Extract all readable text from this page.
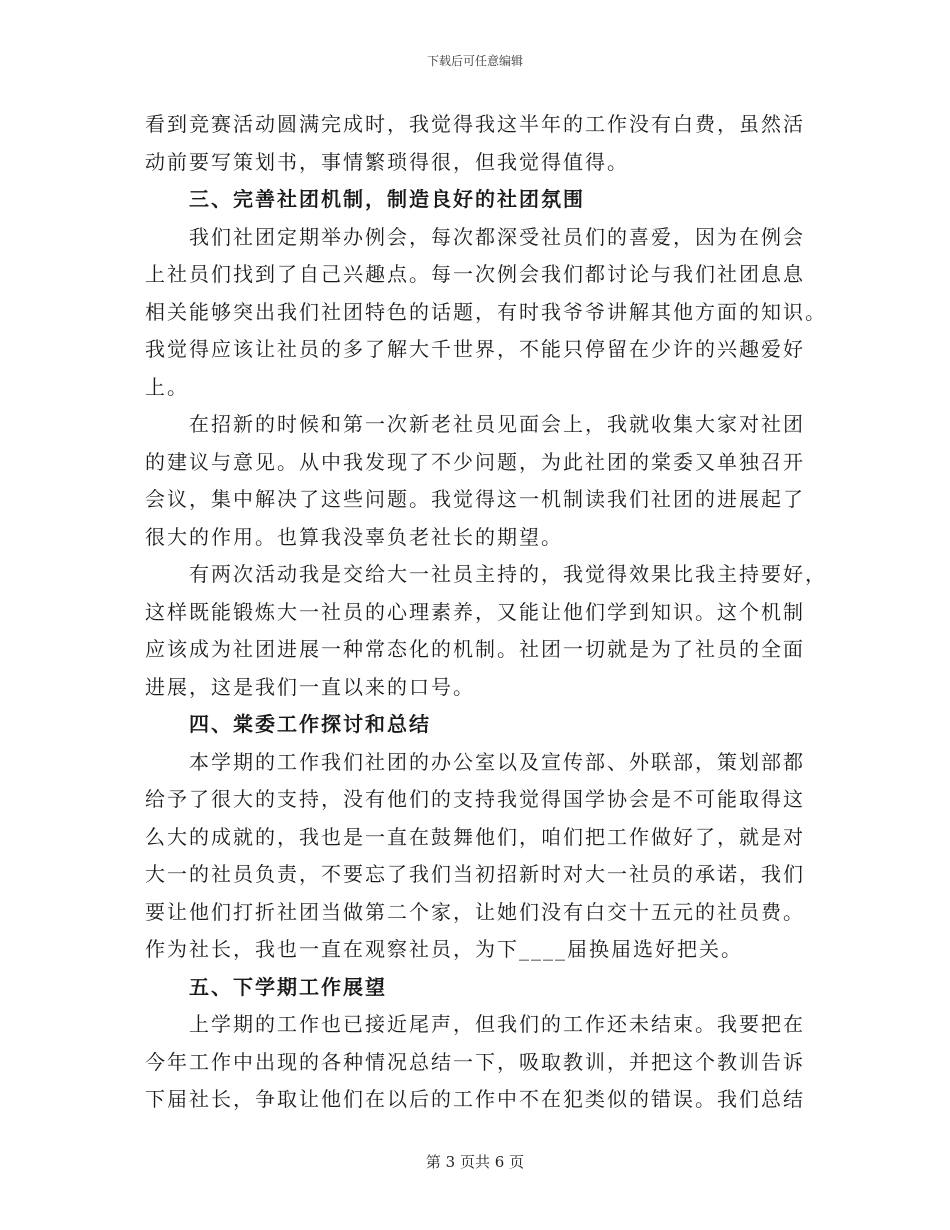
下载后可任意编辑

看到竞赛活动圆满完成时，我觉得我这半年的工作没有白费，虽然活

动前要写策划书，事情繁琐得很，但我觉得值得。

三、完善社团机制，制造良好的社团氛围

我们社团定期举办例会，每次都深受社员们的喜爱，因为在例会

上社员们找到了自己兴趣点。每一次例会我们都讨论与我们社团息息

相关能够突出我们社团特色的话题，有时我爷爷讲解其他方面的知识。

我觉得应该让社员的多了解大千世界，不能只停留在少许的兴趣爱好

上。

在招新的时候和第一次新老社员见面会上，我就收集大家对社团

的建议与意见。从中我发现了不少问题，为此社团的棠委又单独召开

会议，集中解决了这些问题。我觉得这一机制读我们社团的进展起了

很大的作用。也算我没辜负老社长的期望。

有两次活动我是交给大一社员主持的，我觉得效果比我主持要好，

这样既能锻炼大一社员的心理素养，又能让他们学到知识。这个机制

应该成为社团进展一种常态化的机制。社团一切就是为了社员的全面

进展，这是我们一直以来的口号。

四、棠委工作探讨和总结

本学期的工作我们社团的办公室以及宣传部、外联部，策划部都

给予了很大的支持，没有他们的支持我觉得国学协会是不可能取得这

么大的成就的，我也是一直在鼓舞他们，咱们把工作做好了，就是对

大一的社员负责，不要忘了我们当初招新时对大一社员的承诺，我们

要让他们打折社团当做第二个家，让她们没有白交十五元的社员费。

作为社长，我也一直在观察社员，为下____届换届选好把关。

五、下学期工作展望

上学期的工作也已接近尾声，但我们的工作还未结束。我要把在

今年工作中出现的各种情况总结一下，吸取教训，并把这个教训告诉

下届社长，争取让他们在以后的工作中不在犯类似的错误。我们总结

第 3 页共 6 页
